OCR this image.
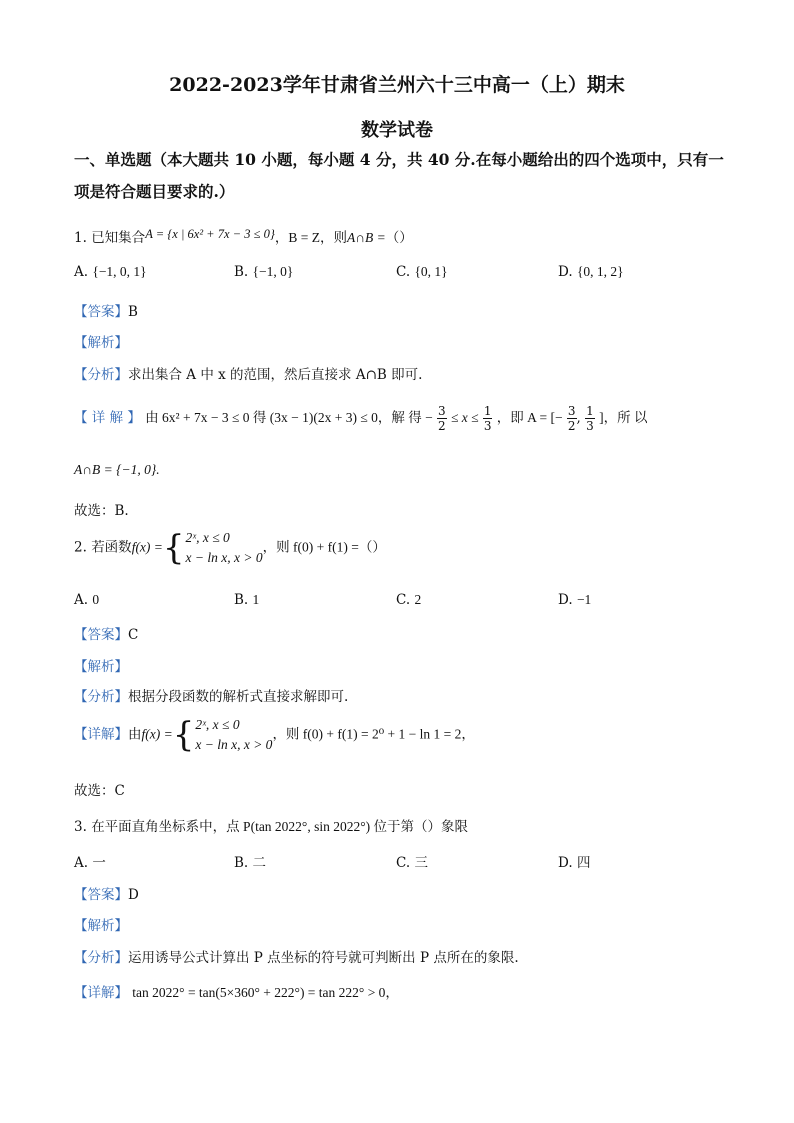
2022-2023学年甘肃省兰州六十三中高一（上）期末
数学试卷
一、单选题（本大题共 10 小题，每小题 4 分，共 40 分.在每小题给出的四个选项中，只有一
项是符合题目要求的.）
1. 已知集合A = {x | 6x² + 7x − 3 ≤ 0}，B = Z，则A∩B =（）
A. {−1, 0, 1}	B. {−1, 0}	C. {0, 1}	D. {0, 1, 2}
【答案】B
【解析】
【分析】求出集合 A 中 x 的范围，然后直接求 A∩B 即可.
【 详 解 】 由 6x² + 7x − 3 ≤ 0 得 (3x − 1)(2x + 3) ≤ 0，解 得 − $\frac{3}{2} \le x \le \frac{1}{3}$ ，即 A = [− $\frac{3}{2}$ , $\frac{1}{3}$ ]，所 以
A∩B = {−1, 0}.
故选：B.
2. 若函数f(x) ={ 2ˣ, x ≤ 0
x − ln x, x > 0
，则 f(0) + f(1) =（）
A. 0	B. 1	C. 2	D. −1
【答案】C
【解析】
【分析】根据分段函数的解析式直接求解即可.
【详解】由f(x) ={ 2ˣ, x ≤ 0
x − ln x, x > 0
，则 f(0) + f(1) = 2⁰ + 1 − ln 1 = 2，
故选：C
3. 在平面直角坐标系中，点 P(tan 2022°, sin 2022°) 位于第（）象限
A. 一	B. 二	C. 三	D. 四
【答案】D
【解析】
【分析】运用诱导公式计算出 P 点坐标的符号就可判断出 P 点所在的象限.
【详解】 tan 2022° = tan(5×360° + 222°) = tan 222° > 0，
